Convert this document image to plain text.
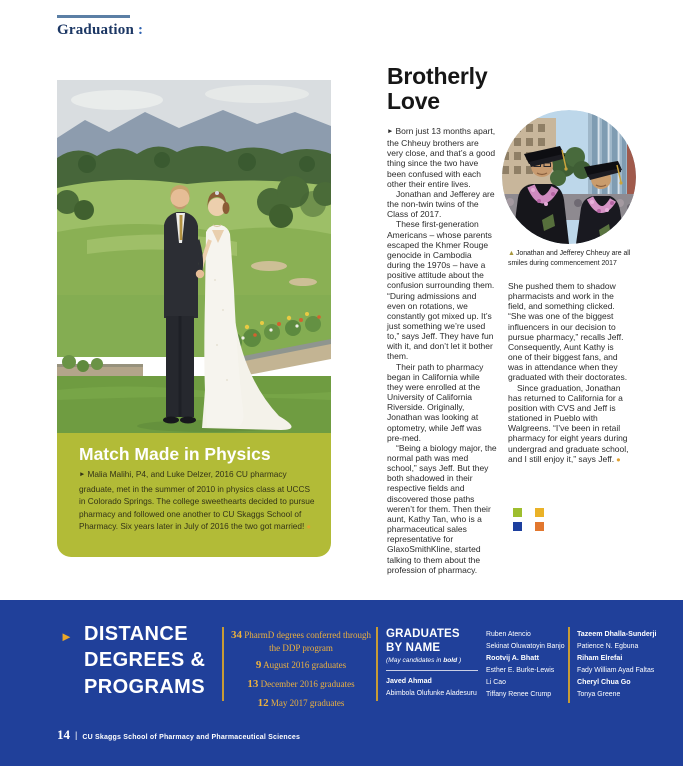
Graduation :
Match Made in Physics

► Malia Malihi, P4, and Luke Delzer, 2016 CU pharmacy graduate, met in the summer of 2010 in physics class at UCCS in Colorado Springs. The college sweethearts decided to pursue pharmacy and followed one another to CU Skaggs School of Pharmacy. Six years later in July of 2016 the two got married! ●

Brotherly Love

► Born just 13 months apart, the Chheuy brothers are very close, and that’s a good thing since the two have been confused with each other their entire lives.

Jonathan and Jefferey are the non-twin twins of the Class of 2017.

These first-generation Americans – whose parents escaped the Khmer Rouge genocide in Cambodia during the 1970s – have a positive attitude about the confusion surrounding them. “During admissions and even on rotations, we constantly got mixed up. It’s just something we’re used to,” says Jeff. They have fun with it, and don’t let it bother them.

Their path to pharmacy began in California while they were enrolled at the University of California Riverside. Originally, Jonathan was looking at optometry, while Jeff was pre-med.

“Being a biology major, the normal path was med school,” says Jeff. But they both shadowed in their respective fields and discovered those paths weren’t for them. Then their aunt, Kathy Tan, who is a pharmaceutical sales representative for GlaxoSmithKline, started talking to them about the profession of pharmacy.

▲Jonathan and Jefferey Chheuy are all smiles during commencement 2017

She pushed them to shadow pharmacists and work in the field, and something clicked. “She was one of the biggest influencers in our decision to pursue pharmacy,” recalls Jeff. Consequently, Aunt Kathy is one of their biggest fans, and was in attendance when they graduated with their doctorates.

Since graduation, Jonathan has returned to California for a position with CVS and Jeff is stationed in Pueblo with Walgreens. “I’ve been in retail pharmacy for eight years during undergrad and graduate school, and I still enjoy it,” says Jeff. ●

► DISTANCE
DEGREES &
PROGRAMS
34 PharmD degrees conferred through the DDP program
9 August 2016 graduates
13 December 2016 graduates
12 May 2017 graduates
GRADUATES
BY NAME
(May candidates in bold )
Javed Ahmad
Abimbola Olufunke Aladesuru
Ruben Atencio
Sekinat Oluwatoyin Banjo
Rootvij A. Bhatt
Esther E. Burke-Lewis
Li Cao
Tiffany Renee Crump
Tazeem Dhalla-Sunderji
Patience N. Egbuna
Riham Elrefai
Fady William Ayad Faltas
Cheryl Chua Go
Tonya Greene
14 | CU Skaggs School of Pharmacy and Pharmaceutical Sciences
